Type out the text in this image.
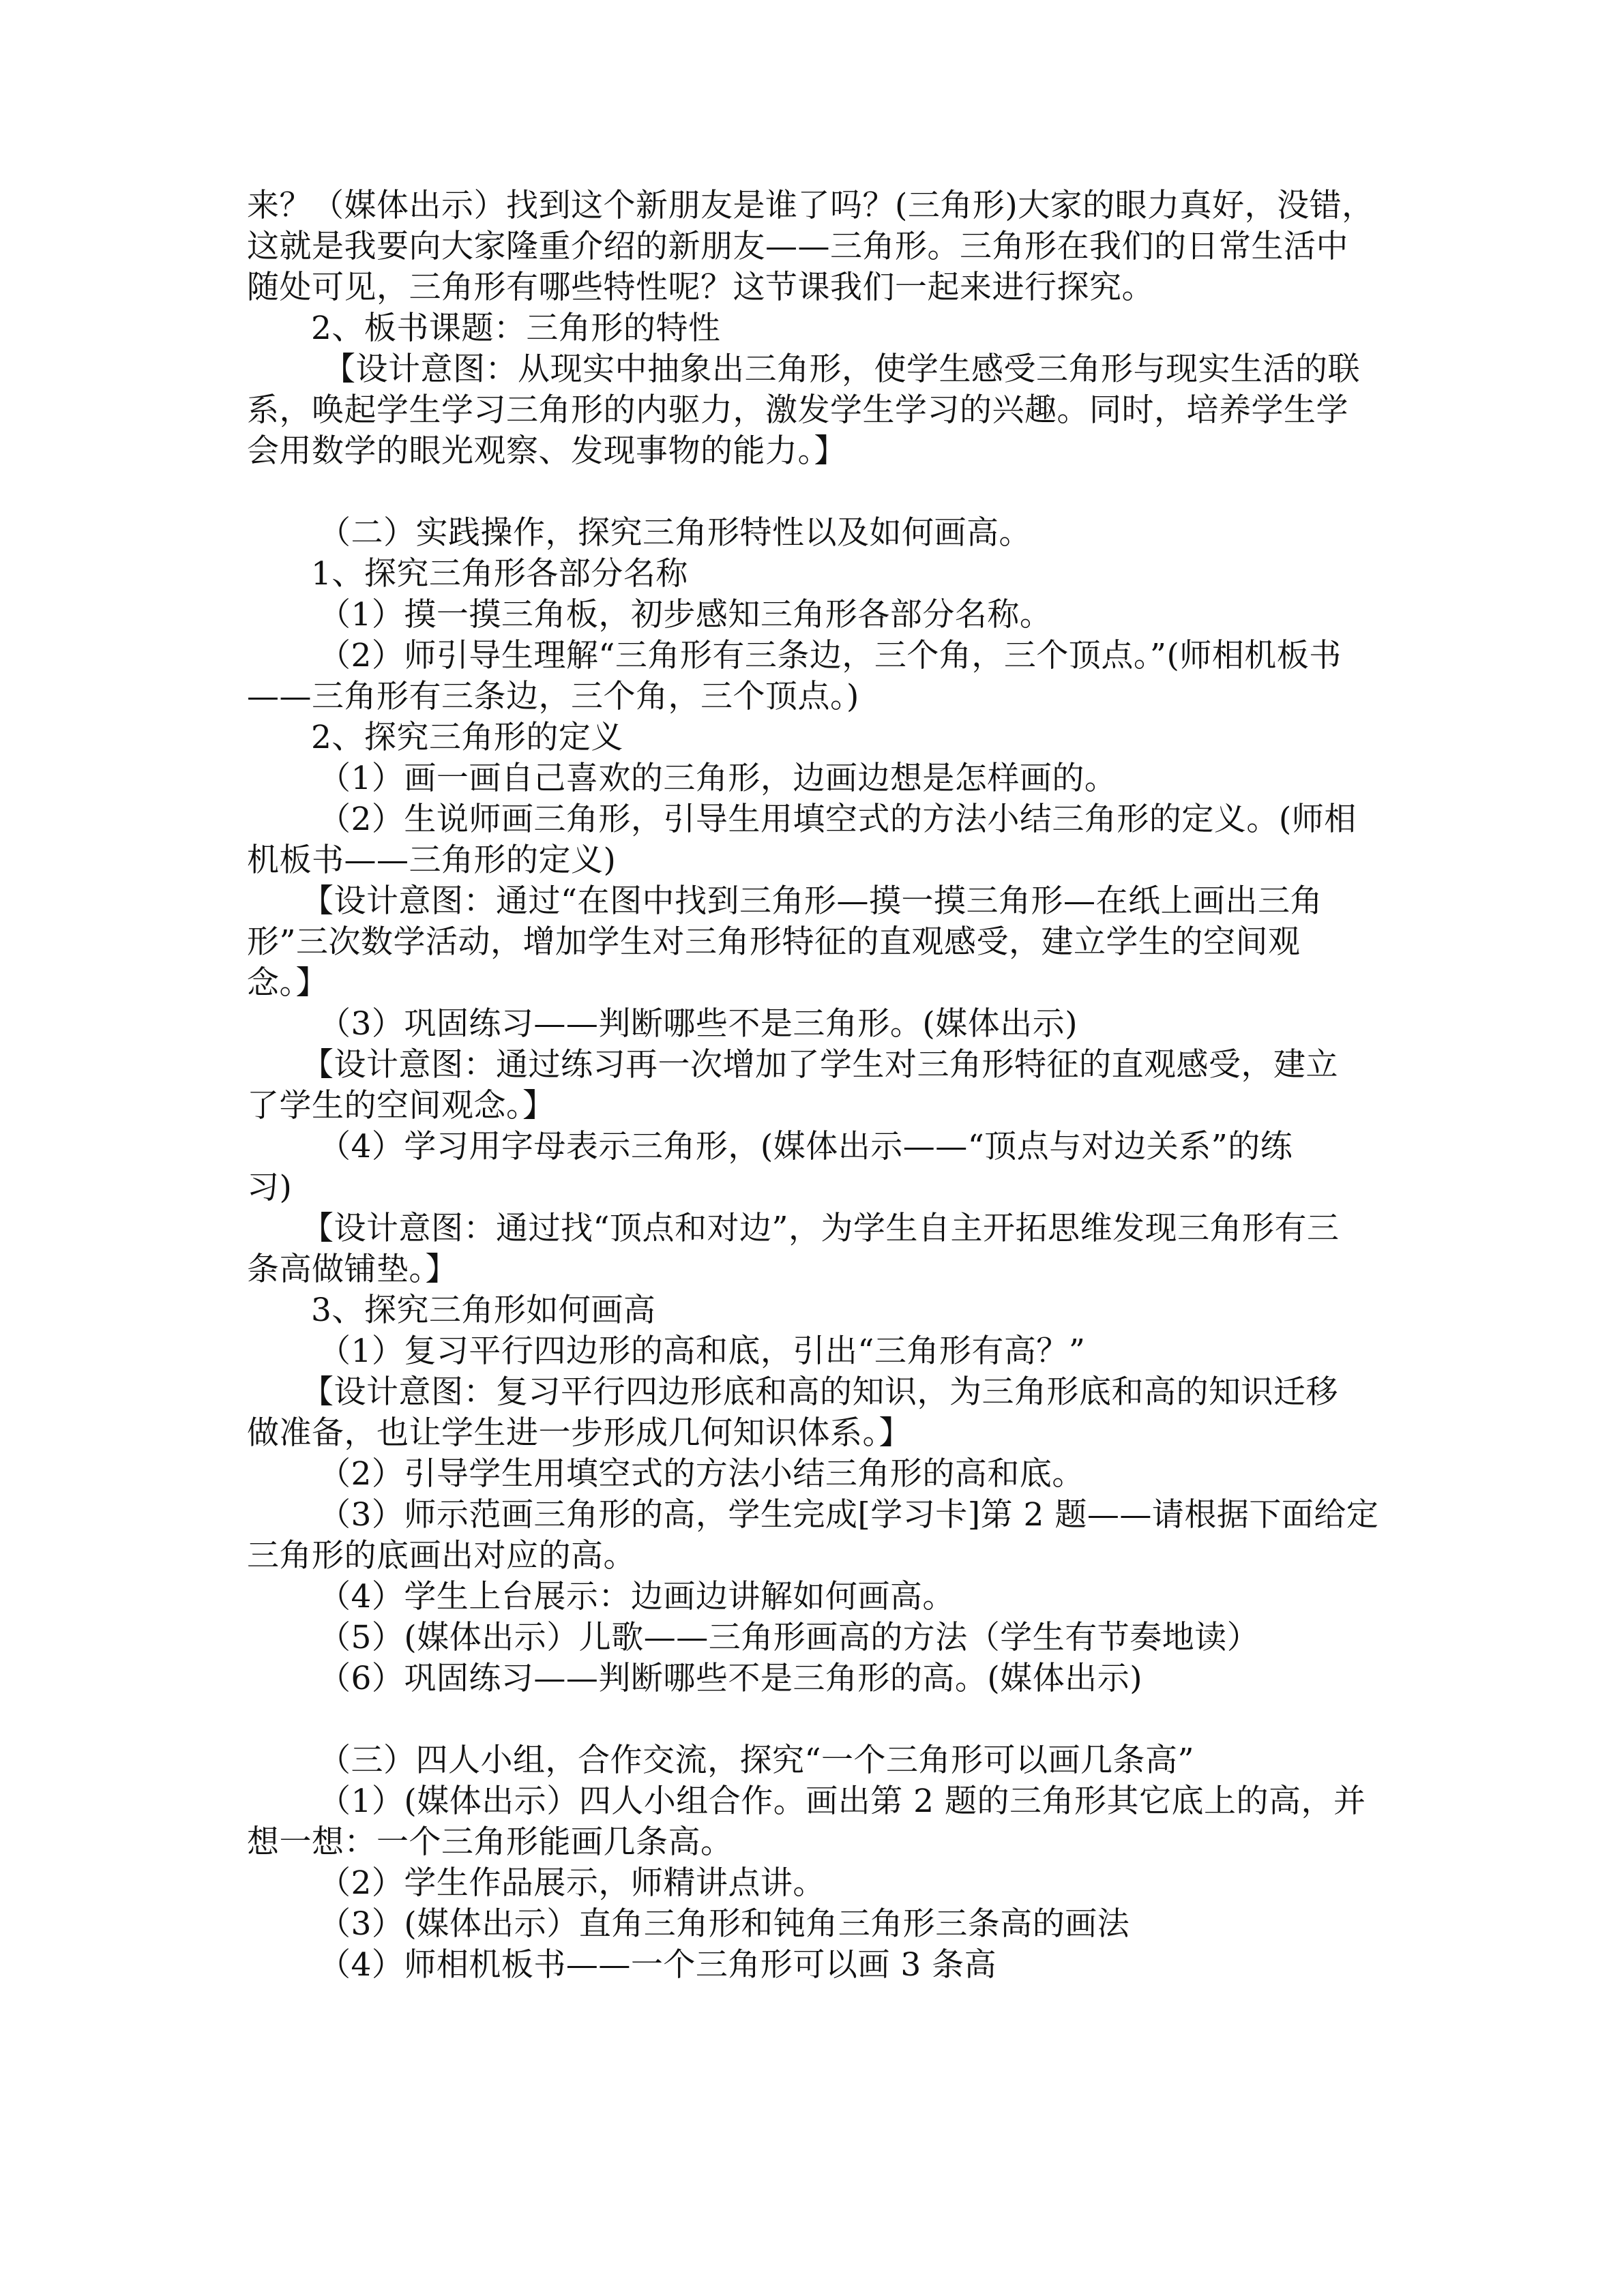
来？（媒体出示）找到这个新朋友是谁了吗？(三角形)大家的眼力真好，没错，
这就是我要向大家隆重介绍的新朋友——三角形。三角形在我们的日常生活中
随处可见，三角形有哪些特性呢？这节课我们一起来进行探究。
2、板书课题：三角形的特性
【设计意图：从现实中抽象出三角形，使学生感受三角形与现实生活的联
系，唤起学生学习三角形的内驱力，激发学生学习的兴趣。同时，培养学生学
会用数学的眼光观察、发现事物的能力。】
（二）实践操作，探究三角形特性以及如何画高。
1、探究三角形各部分名称
（1）摸一摸三角板，初步感知三角形各部分名称。
（2）师引导生理解“三角形有三条边，三个角，三个顶点。”(师相机板书
——三角形有三条边，三个角，三个顶点。)
2、探究三角形的定义
（1）画一画自己喜欢的三角形，边画边想是怎样画的。
（2）生说师画三角形，引导生用填空式的方法小结三角形的定义。(师相
机板书——三角形的定义)
【设计意图：通过“在图中找到三角形—摸一摸三角形—在纸上画出三角
形”三次数学活动，增加学生对三角形特征的直观感受，建立学生的空间观
念。】
（3）巩固练习——判断哪些不是三角形。(媒体出示)
【设计意图：通过练习再一次增加了学生对三角形特征的直观感受，建立
了学生的空间观念。】
（4）学习用字母表示三角形，(媒体出示——“顶点与对边关系”的练
习)
【设计意图：通过找“顶点和对边”，为学生自主开拓思维发现三角形有三
条高做铺垫。】
3、探究三角形如何画高
（1）复习平行四边形的高和底，引出“三角形有高？”
【设计意图：复习平行四边形底和高的知识，为三角形底和高的知识迁移
做准备，也让学生进一步形成几何知识体系。】
（2）引导学生用填空式的方法小结三角形的高和底。
（3）师示范画三角形的高，学生完成[学习卡]第 2 题——请根据下面给定
三角形的底画出对应的高。
（4）学生上台展示：边画边讲解如何画高。
（5）(媒体出示）儿歌——三角形画高的方法（学生有节奏地读）
（6）巩固练习——判断哪些不是三角形的高。(媒体出示)
（三）四人小组，合作交流，探究“一个三角形可以画几条高”
（1）(媒体出示）四人小组合作。画出第 2 题的三角形其它底上的高，并
想一想：一个三角形能画几条高。
（2）学生作品展示，师精讲点讲。
（3）(媒体出示）直角三角形和钝角三角形三条高的画法
（4）师相机板书——一个三角形可以画 3 条高
